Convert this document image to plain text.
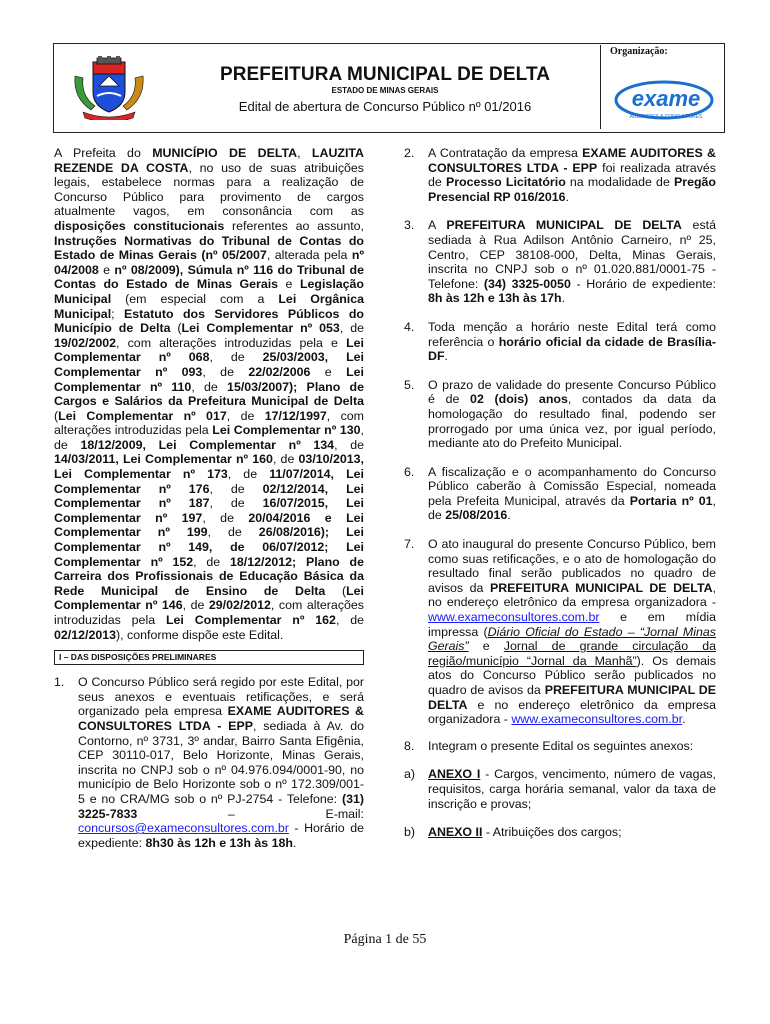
PREFEITURA MUNICIPAL DE DELTA
ESTADO DE MINAS GERAIS
Edital de abertura de Concurso Público nº 01/2016
Organização:
exame
AUDITORES & CONSULTORES

A Prefeita do MUNICÍPIO DE DELTA, LAUZITA REZENDE DA COSTA, no uso de suas atribuições legais, estabelece normas para a realização de Concurso Público para provimento de cargos atualmente vagos, em consonância com as disposições constitucionais referentes ao assunto, Instruções Normativas do Tribunal de Contas do Estado de Minas Gerais (nº 05/2007, alterada pela nº 04/2008 e nº 08/2009), Súmula nº 116 do Tribunal de Contas do Estado de Minas Gerais e Legislação Municipal (em especial com a Lei Orgânica Municipal; Estatuto dos Servidores Públicos do Município de Delta (Lei Complementar nº 053, de 19/02/2002, com alterações introduzidas pela e Lei Complementar nº 068, de 25/03/2003, Lei Complementar nº 093, de 22/02/2006 e Lei Complementar nº 110, de 15/03/2007); Plano de Cargos e Salários da Prefeitura Municipal de Delta (Lei Complementar nº 017, de 17/12/1997, com alterações introduzidas pela Lei Complementar nº 130, de 18/12/2009, Lei Complementar nº 134, de 14/03/2011, Lei Complementar nº 160, de 03/10/2013, Lei Complementar nº 173, de 11/07/2014, Lei Complementar nº 176, de 02/12/2014, Lei Complementar nº 187, de 16/07/2015, Lei Complementar nº 197, de 20/04/2016 e Lei Complementar nº 199, de 26/08/2016); Lei Complementar nº 149, de 06/07/2012; Lei Complementar nº 152, de 18/12/2012; Plano de Carreira dos Profissionais de Educação Básica da Rede Municipal de Ensino de Delta (Lei Complementar nº 146, de 29/02/2012, com alterações introduzidas pela Lei Complementar nº 162, de 02/12/2013), conforme dispõe este Edital.

I – DAS DISPOSIÇÕES PRELIMINARES
1. O Concurso Público será regido por este Edital, por seus anexos e eventuais retificações, e será organizado pela empresa EXAME AUDITORES & CONSULTORES LTDA - EPP, sediada à Av. do Contorno, nº 3731, 3º andar, Bairro Santa Efigênia, CEP 30110-017, Belo Horizonte, Minas Gerais, inscrita no CNPJ sob o nº 04.976.094/0001-90, no município de Belo Horizonte sob o nº 172.309/001-5 e no CRA/MG sob o nº PJ-2754 - Telefone: (31) 3225-7833 – E-mail: concursos@exameconsultores.com.br - Horário de expediente: 8h30 às 12h e 13h às 18h.
2. A Contratação da empresa EXAME AUDITORES & CONSULTORES LTDA - EPP foi realizada através de Processo Licitatório na modalidade de Pregão Presencial RP 016/2016.
3. A PREFEITURA MUNICIPAL DE DELTA está sediada à Rua Adilson Antônio Carneiro, nº 25, Centro, CEP 38108-000, Delta, Minas Gerais, inscrita no CNPJ sob o nº 01.020.881/0001-75 - Telefone: (34) 3325-0050 - Horário de expediente: 8h às 12h e 13h às 17h.
4. Toda menção a horário neste Edital terá como referência o horário oficial da cidade de Brasília-DF.
5. O prazo de validade do presente Concurso Público é de 02 (dois) anos, contados da data da homologação do resultado final, podendo ser prorrogado por uma única vez, por igual período, mediante ato do Prefeito Municipal.
6. A fiscalização e o acompanhamento do Concurso Público caberão à Comissão Especial, nomeada pela Prefeita Municipal, através da Portaria nº 01, de 25/08/2016.
7. O ato inaugural do presente Concurso Público, bem como suas retificações, e o ato de homologação do resultado final serão publicados no quadro de avisos da PREFEITURA MUNICIPAL DE DELTA, no endereço eletrônico da empresa organizadora - www.exameconsultores.com.br e em mídia impressa (Diário Oficial do Estado – “Jornal Minas Gerais” e Jornal de grande circulação da região/município “Jornal da Manhã”). Os demais atos do Concurso Público serão publicados no quadro de avisos da PREFEITURA MUNICIPAL DE DELTA e no endereço eletrônico da empresa organizadora - www.exameconsultores.com.br.
8. Integram o presente Edital os seguintes anexos:
a) ANEXO I - Cargos, vencimento, número de vagas, requisitos, carga horária semanal, valor da taxa de inscrição e provas;
b) ANEXO II - Atribuições dos cargos;
Página 1 de 55
